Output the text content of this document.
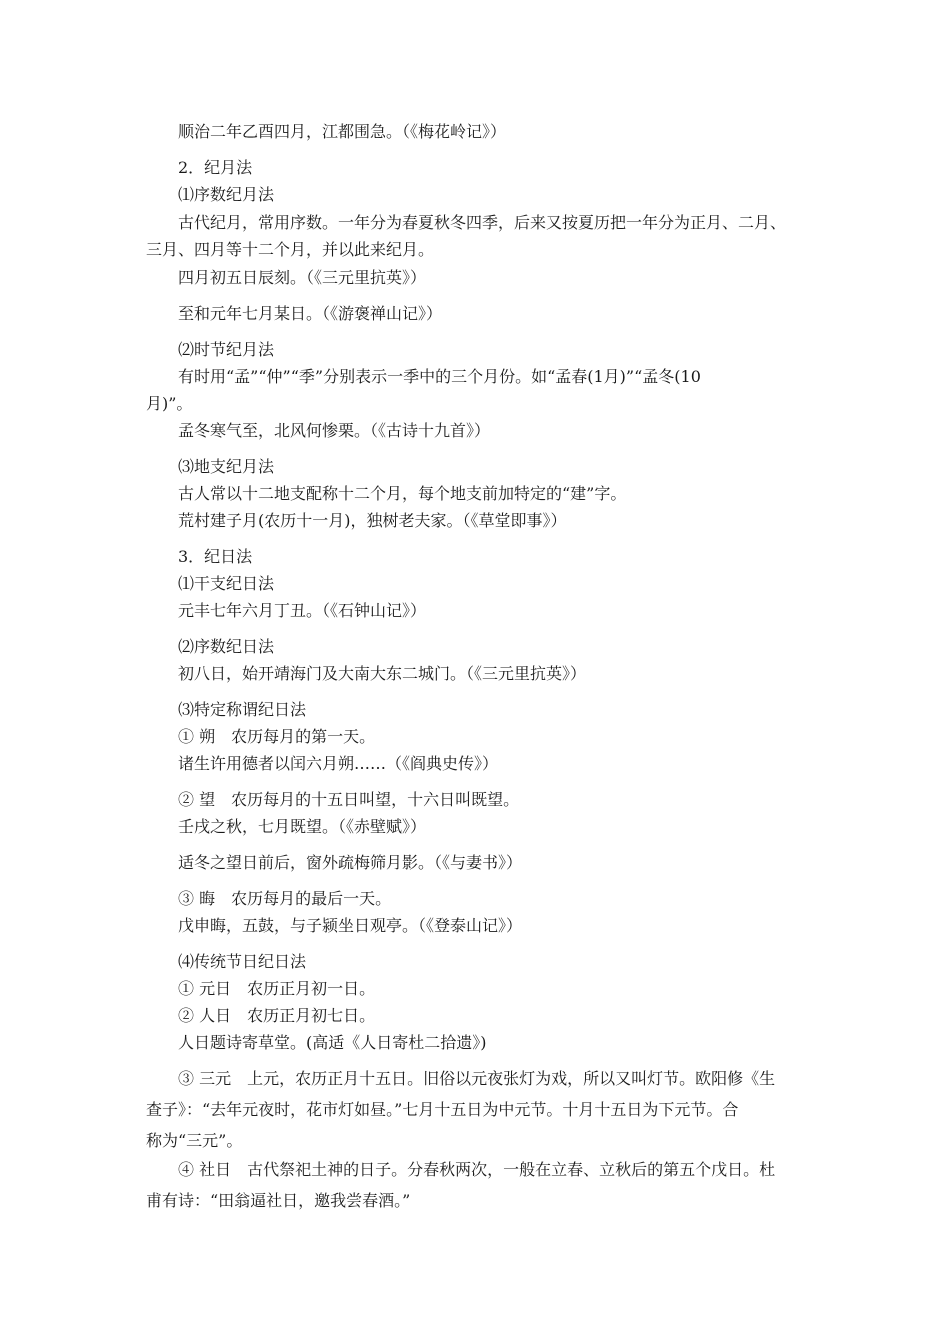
顺治二年乙酉四月，江都围急。（《梅花岭记》）
2．纪月法
⑴序数纪月法
古代纪月，常用序数。一年分为春夏秋冬四季，后来又按夏历把一年分为正月、二月、
三月、四月等十二个月，并以此来纪月。
四月初五日辰刻。（《三元里抗英》）
至和元年七月某日。（《游褒禅山记》）
⑵时节纪月法
有时用“孟”“仲”“季”分别表示一季中的三个月份。如“孟春(1月)”“孟冬(10
月)”。
孟冬寒气至，北风何惨栗。（《古诗十九首》）
⑶地支纪月法
古人常以十二地支配称十二个月，每个地支前加特定的“建”字。
荒村建子月(农历十一月)，独树老夫家。（《草堂即事》）
3．纪日法
⑴干支纪日法
元丰七年六月丁丑。（《石钟山记》）
⑵序数纪日法
初八日，始开靖海门及大南大东二城门。（《三元里抗英》）
⑶特定称谓纪日法
① 朔　农历每月的第一天。
诸生许用德者以闰六月朔……（《阎典史传》）
② 望　农历每月的十五日叫望，十六日叫既望。
壬戌之秋，七月既望。（《赤壁赋》）
适冬之望日前后，窗外疏梅筛月影。（《与妻书》）
③ 晦　农历每月的最后一天。
戊申晦，五鼓，与子颍坐日观亭。（《登泰山记》）
⑷传统节日纪日法
① 元日　农历正月初一日。
② 人日　农历正月初七日。
人日题诗寄草堂。(高适《人日寄杜二拾遗》)
③ 三元　上元，农历正月十五日。旧俗以元夜张灯为戏，所以又叫灯节。欧阳修《生
查子》：“去年元夜时，花市灯如昼。”七月十五日为中元节。十月十五日为下元节。合
称为“三元”。
④ 社日　古代祭祀土神的日子。分春秋两次，一般在立春、立秋后的第五个戊日。杜
甫有诗：“田翁逼社日，邀我尝春酒。”
